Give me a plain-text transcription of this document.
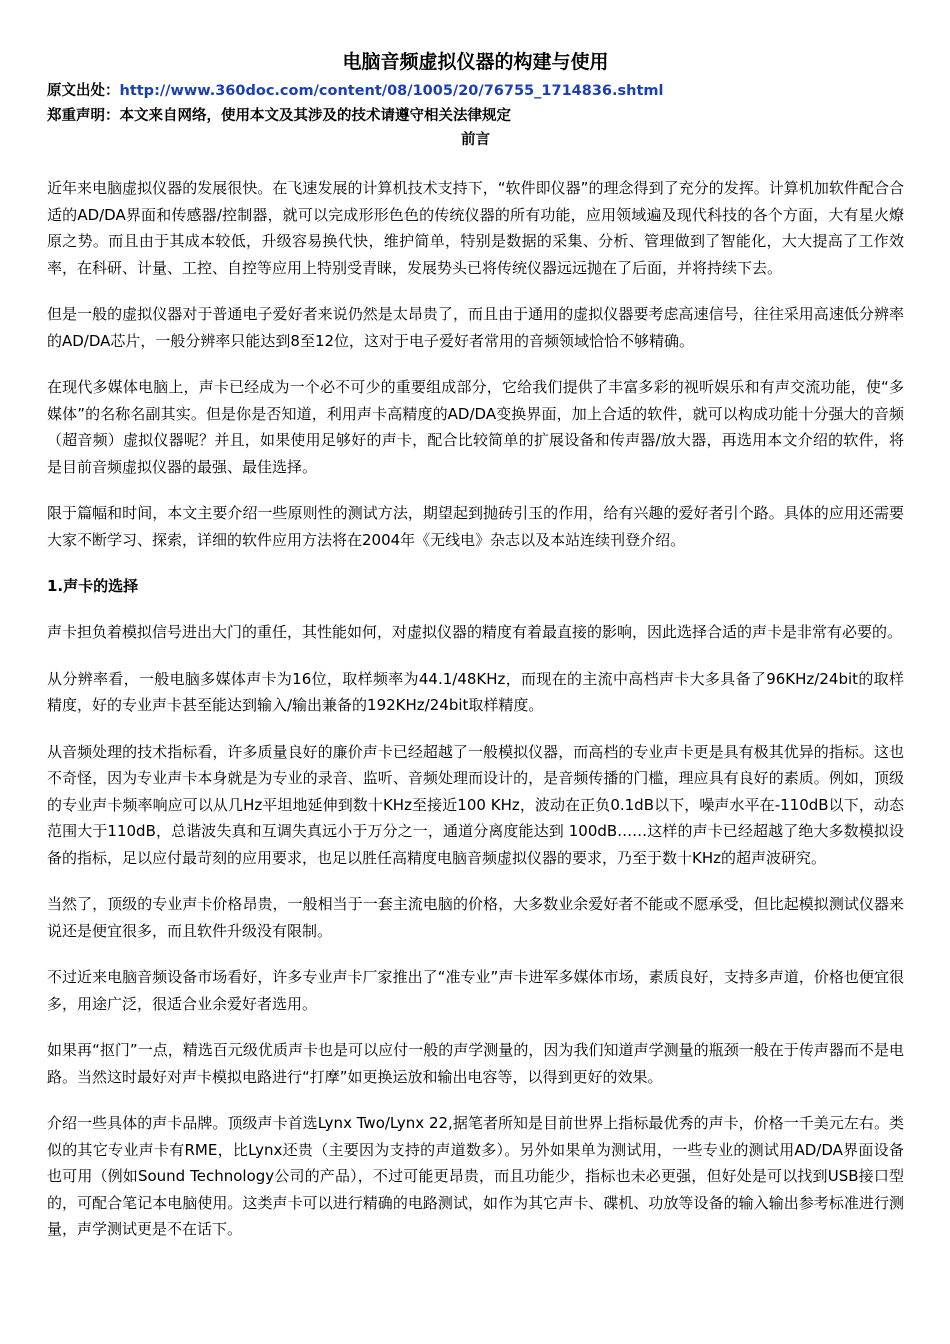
电脑音频虚拟仪器的构建与使用

原文出处：http://www.360doc.com/content/08/1005/20/76755_1714836.shtml

郑重声明：本文来自网络，使用本文及其涉及的技术请遵守相关法律规定

前言

近年来电脑虚拟仪器的发展很快。在飞速发展的计算机技术支持下，“软件即仪器”的理念得到了充分的发挥。计算机加软件配合合适的AD/DA界面和传感器/控制器，就可以完成形形色色的传统仪器的所有功能，应用领域遍及现代科技的各个方面，大有星火燎原之势。而且由于其成本较低，升级容易换代快，维护简单，特别是数据的采集、分析、管理做到了智能化，大大提高了工作效率，在科研、计量、工控、自控等应用上特别受青睐，发展势头已将传统仪器远远抛在了后面，并将持续下去。

但是一般的虚拟仪器对于普通电子爱好者来说仍然是太昂贵了，而且由于通用的虚拟仪器要考虑高速信号，往往采用高速低分辨率的AD/DA芯片，一般分辨率只能达到8至12位，这对于电子爱好者常用的音频领域恰恰不够精确。

在现代多媒体电脑上，声卡已经成为一个必不可少的重要组成部分，它给我们提供了丰富多彩的视听娱乐和有声交流功能，使“多媒体”的名称名副其实。但是你是否知道，利用声卡高精度的AD/DA变换界面，加上合适的软件，就可以构成功能十分强大的音频（超音频）虚拟仪器呢？并且，如果使用足够好的声卡，配合比较简单的扩展设备和传声器/放大器，再选用本文介绍的软件，将是目前音频虚拟仪器的最强、最佳选择。

限于篇幅和时间，本文主要介绍一些原则性的测试方法，期望起到抛砖引玉的作用，给有兴趣的爱好者引个路。具体的应用还需要大家不断学习、探索，详细的软件应用方法将在2004年《无线电》杂志以及本站连续刊登介绍。

1.声卡的选择

声卡担负着模拟信号进出大门的重任，其性能如何，对虚拟仪器的精度有着最直接的影响，因此选择合适的声卡是非常有必要的。

从分辨率看，一般电脑多媒体声卡为16位，取样频率为44.1/48KHz，而现在的主流中高档声卡大多具备了96KHz/24bit的取样精度，好的专业声卡甚至能达到输入/输出兼备的192KHz/24bit取样精度。

从音频处理的技术指标看，许多质量良好的廉价声卡已经超越了一般模拟仪器，而高档的专业声卡更是具有极其优异的指标。这也不奇怪，因为专业声卡本身就是为专业的录音、监听、音频处理而设计的，是音频传播的门槛，理应具有良好的素质。例如，顶级的专业声卡频率响应可以从几Hz平坦地延伸到数十KHz至接近100 KHz，波动在正负0.1dB以下，噪声水平在-110dB以下，动态范围大于110dB，总谐波失真和互调失真远小于万分之一，通道分离度能达到 100dB……这样的声卡已经超越了绝大多数模拟设备的指标，足以应付最苛刻的应用要求，也足以胜任高精度电脑音频虚拟仪器的要求，乃至于数十KHz的超声波研究。

当然了，顶级的专业声卡价格昂贵，一般相当于一套主流电脑的价格，大多数业余爱好者不能或不愿承受，但比起模拟测试仪器来说还是便宜很多，而且软件升级没有限制。

不过近来电脑音频设备市场看好，许多专业声卡厂家推出了“准专业”声卡进军多媒体市场，素质良好，支持多声道，价格也便宜很多，用途广泛，很适合业余爱好者选用。

如果再“抠门”一点，精选百元级优质声卡也是可以应付一般的声学测量的，因为我们知道声学测量的瓶颈一般在于传声器而不是电路。当然这时最好对声卡模拟电路进行“打摩”如更换运放和输出电容等，以得到更好的效果。

介绍一些具体的声卡品牌。顶级声卡首选Lynx Two/Lynx 22,据笔者所知是目前世界上指标最优秀的声卡，价格一千美元左右。类似的其它专业声卡有RME，比Lynx还贵（主要因为支持的声道数多）。另外如果单为测试用，一些专业的测试用AD/DA界面设备也可用（例如Sound Technology公司的产品），不过可能更昂贵，而且功能少，指标也未必更强，但好处是可以找到USB接口型的，可配合笔记本电脑使用。这类声卡可以进行精确的电路测试，如作为其它声卡、碟机、功放等设备的输入输出参考标准进行测量，声学测试更是不在话下。
